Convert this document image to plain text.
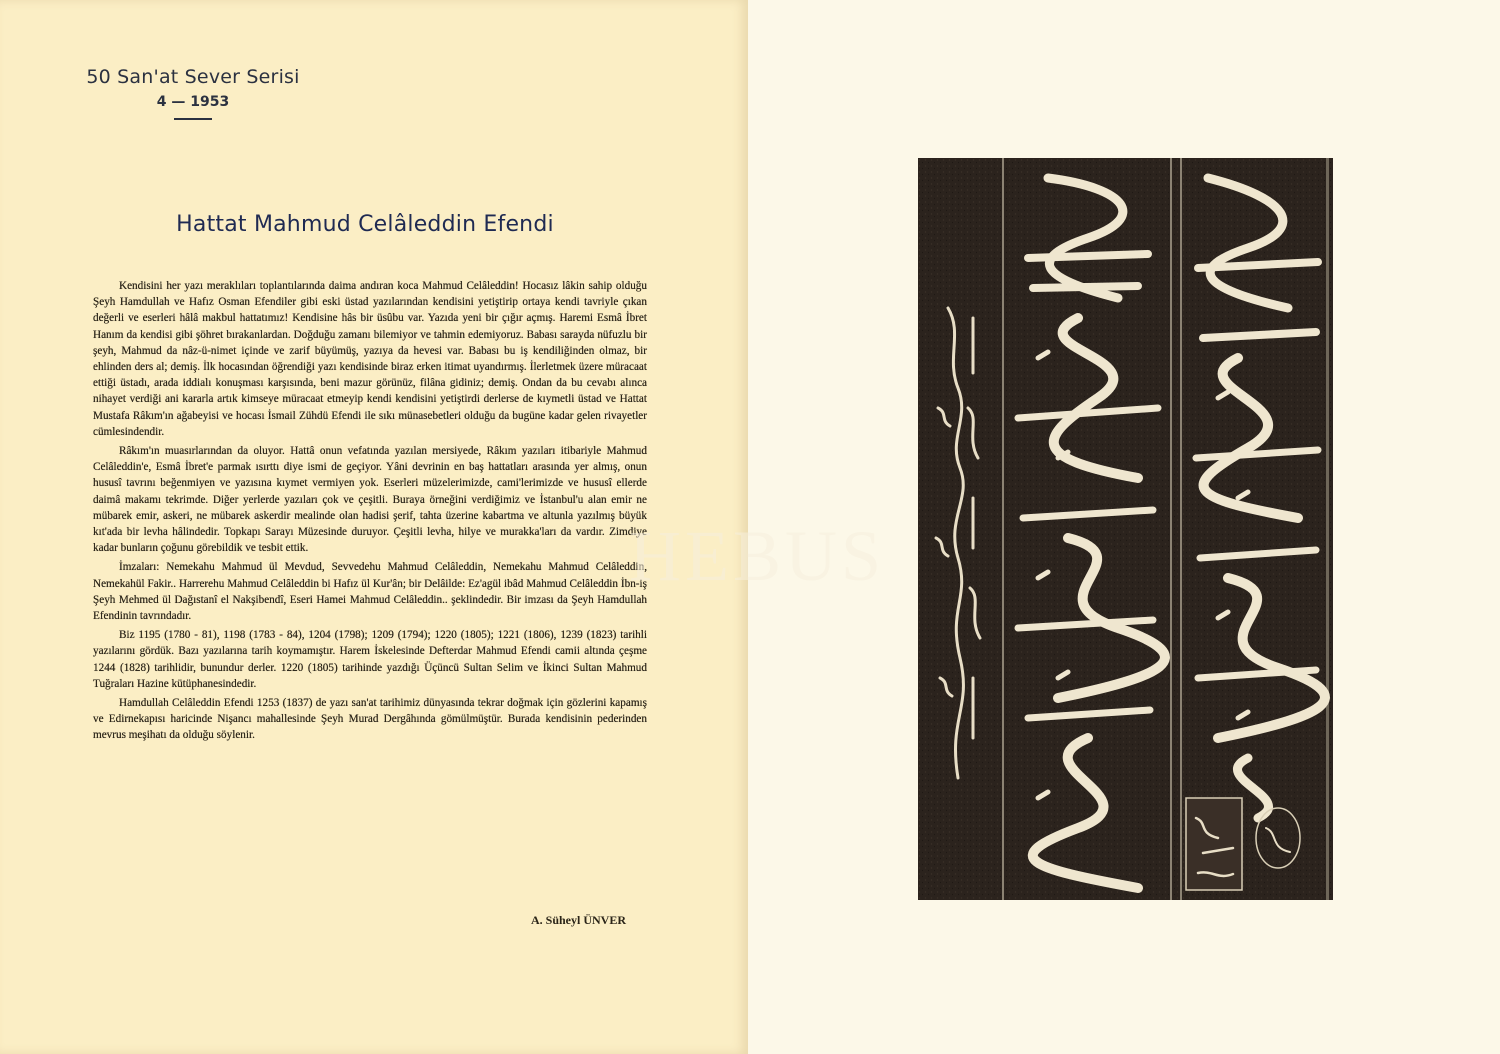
50 San'at Sever Serisi
4 — 1953
Hattat Mahmud Celâleddin Efendi

Kendisini her yazı meraklıları toplantılarında daima andıran koca Mahmud Celâleddin! Hocasız lâkin sahip olduğu Şeyh Hamdullah ve Hafız Osman Efendiler gibi eski üstad yazılarından kendisini yetiştirip ortaya kendi tavriyle çıkan değerli ve eserleri hâlâ makbul hattatımız! Kendisine hâs bir üsûbu var. Yazıda yeni bir çığır açmış. Haremi Esmâ İbret Hanım da kendisi gibi şöhret bırakanlardan. Doğduğu zamanı bilemiyor ve tahmin edemiyoruz. Babası sarayda nüfuzlu bir şeyh, Mahmud da nâz-ü-nimet içinde ve zarif büyümüş, yazıya da hevesi var. Babası bu iş kendiliğinden olmaz, bir ehlinden ders al; demiş. İlk hocasından öğrendiği yazı kendisinde biraz erken itimat uyandırmış. İlerletmek üzere müracaat ettiği üstadı, arada iddialı konuşması karşısında, beni mazur görünüz, filâna gidiniz; demiş. Ondan da bu cevabı alınca nihayet verdiği ani kararla artık kimseye müracaat etmeyip kendi kendisini yetiştirdi derlerse de kıymetli üstad ve Hattat Mustafa Râkım'ın ağabeyisi ve hocası İsmail Zühdü Efendi ile sıkı münasebetleri olduğu da bugüne kadar gelen rivayetler cümlesindendir.

Râkım'ın muasırlarından da oluyor. Hattâ onun vefatında yazılan mersiyede, Râkım yazıları itibariyle Mahmud Celâleddin'e, Esmâ İbret'e parmak ısırttı diye ismi de geçiyor. Yâni devrinin en baş hattatları arasında yer almış, onun hususî tavrını beğenmiyen ve yazısına kıymet vermiyen yok. Eserleri müzelerimizde, cami'lerimizde ve hususî ellerde daimâ makamı tekrimde. Diğer yerlerde yazıları çok ve çeşitli. Buraya örneğini verdiğimiz ve İstanbul'u alan emir ne mübarek emir, askeri, ne mübarek askerdir mealinde olan hadisi şerif, tahta üzerine kabartma ve altunla yazılmış büyük kıt'ada bir levha hâlindedir. Topkapı Sarayı Müzesinde duruyor. Çeşitli levha, hilye ve murakka'ları da vardır. Zimdiye kadar bunların çoğunu görebildik ve tesbit ettik.

İmzaları: Nemekahu Mahmud ül Mevdud, Sevvedehu Mahmud Celâleddin, Nemekahu Mahmud Celâleddin, Nemekahül Fakir.. Harrerehu Mahmud Celâleddin bi Hafız ül Kur'ân; bir Delâilde: Ez'agül ibâd Mahmud Celâleddin İbn-iş Şeyh Mehmed ül Dağıstanî el Nakşibendî, Eseri Hamei Mahmud Celâleddin.. şeklindedir. Bir imzası da Şeyh Hamdullah Efendinin tavrındadır.

Biz 1195 (1780 - 81), 1198 (1783 - 84), 1204 (1798); 1209 (1794); 1220 (1805); 1221 (1806), 1239 (1823) tarihli yazılarını gördük. Bazı yazılarına tarih koymamıştır. Harem İskelesinde Defterdar Mahmud Efendi camii altında çeşme 1244 (1828) tarihlidir, bunundur derler. 1220 (1805) tarihinde yazdığı Üçüncü Sultan Selim ve İkinci Sultan Mahmud Tuğraları Hazine kütüphanesindedir.

Hamdullah Celâleddin Efendi 1253 (1837) de yazı san'at tarihimiz dünyasında tekrar doğmak için gözlerini kapamış ve Edirnekapısı haricinde Nişancı mahallesinde Şeyh Murad Dergâhında gömülmüştür. Burada kendisinin pederinden mevrus meşihatı da olduğu söylenir.

A. Süheyl ÜNVER
HEBUS
